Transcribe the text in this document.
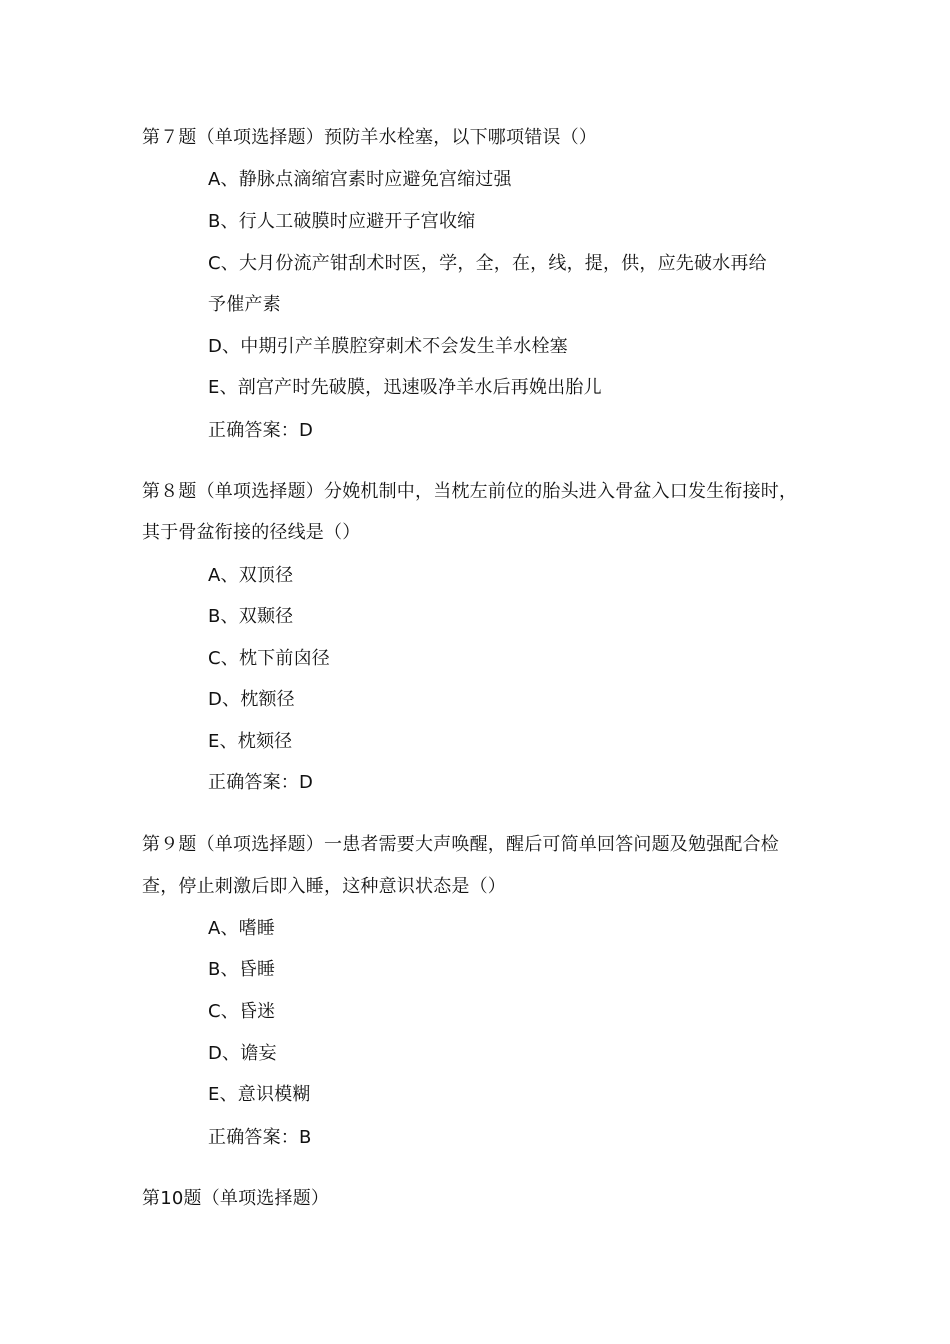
第７题（单项选择题）预防羊水栓塞，以下哪项错误（）
A、静脉点滴缩宫素时应避免宫缩过强
B、行人工破膜时应避开子宫收缩
C、大月份流产钳刮术时医，学，全，在，线，提，供，应先破水再给
予催产素
D、中期引产羊膜腔穿刺术不会发生羊水栓塞
E、剖宫产时先破膜，迅速吸净羊水后再娩出胎儿
正确答案：D
第８题（单项选择题）分娩机制中，当枕左前位的胎头进入骨盆入口发生衔接时，
其于骨盆衔接的径线是（）
A、双顶径
B、双颞径
C、枕下前囟径
D、枕额径
E、枕颏径
正确答案：D
第９题（单项选择题）一患者需要大声唤醒，醒后可简单回答问题及勉强配合检
查，停止刺激后即入睡，这种意识状态是（）
A、嗜睡
B、昏睡
C、昏迷
D、谵妄
E、意识模糊
正确答案：B
第10题（单项选择题）
